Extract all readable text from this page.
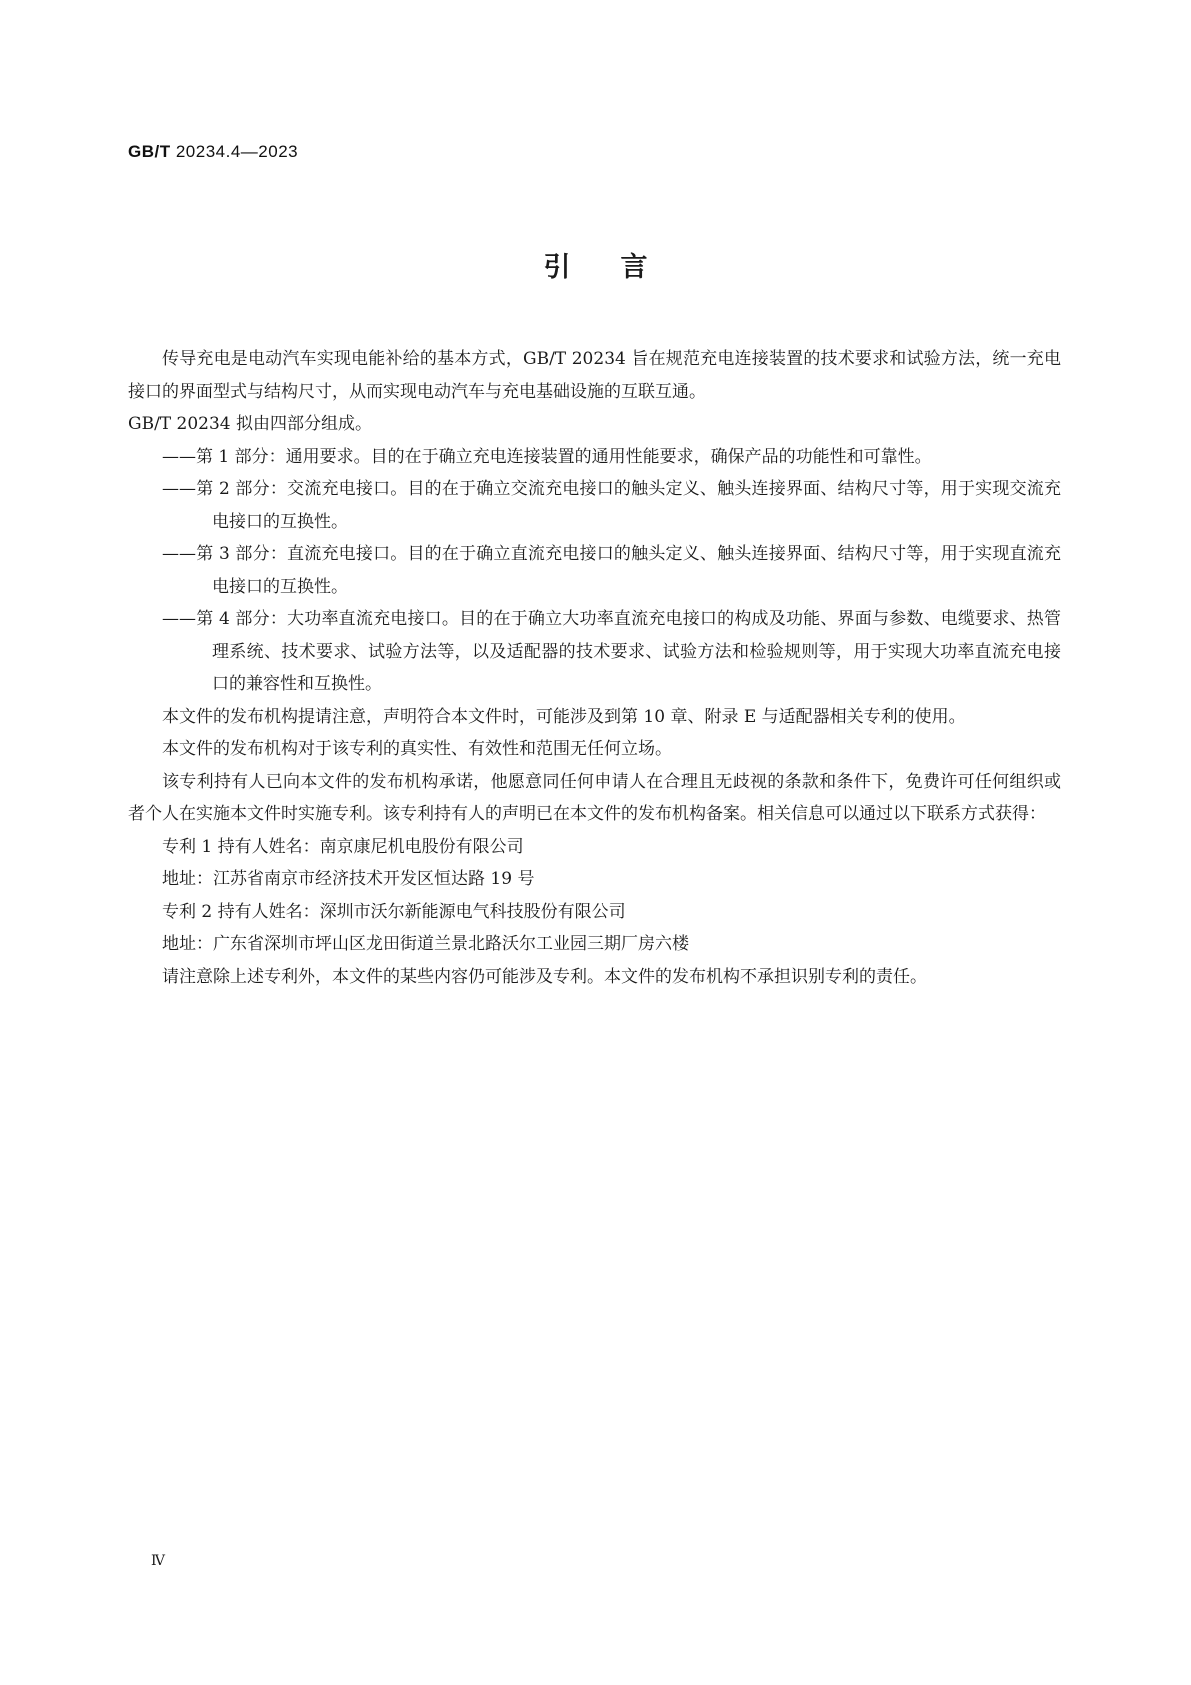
GB/T 20234.4—2023
引言

传导充电是电动汽车实现电能补给的基本方式，GB/T 20234 旨在规范充电连接装置的技术要求和试验方法，统一充电接口的界面型式与结构尺寸，从而实现电动汽车与充电基础设施的互联互通。

GB/T 20234 拟由四部分组成。

——第 1 部分：通用要求。目的在于确立充电连接装置的通用性能要求，确保产品的功能性和可靠性。

——第 2 部分：交流充电接口。目的在于确立交流充电接口的触头定义、触头连接界面、结构尺寸等，用于实现交流充电接口的互换性。

——第 3 部分：直流充电接口。目的在于确立直流充电接口的触头定义、触头连接界面、结构尺寸等，用于实现直流充电接口的互换性。

——第 4 部分：大功率直流充电接口。目的在于确立大功率直流充电接口的构成及功能、界面与参数、电缆要求、热管理系统、技术要求、试验方法等，以及适配器的技术要求、试验方法和检验规则等，用于实现大功率直流充电接口的兼容性和互换性。

本文件的发布机构提请注意，声明符合本文件时，可能涉及到第 10 章、附录 E 与适配器相关专利的使用。

本文件的发布机构对于该专利的真实性、有效性和范围无任何立场。

该专利持有人已向本文件的发布机构承诺，他愿意同任何申请人在合理且无歧视的条款和条件下，免费许可任何组织或者个人在实施本文件时实施专利。该专利持有人的声明已在本文件的发布机构备案。相关信息可以通过以下联系方式获得：

专利 1 持有人姓名：南京康尼机电股份有限公司

地址：江苏省南京市经济技术开发区恒达路 19 号

专利 2 持有人姓名：深圳市沃尔新能源电气科技股份有限公司

地址：广东省深圳市坪山区龙田街道兰景北路沃尔工业园三期厂房六楼

请注意除上述专利外，本文件的某些内容仍可能涉及专利。本文件的发布机构不承担识别专利的责任。

Ⅳ
